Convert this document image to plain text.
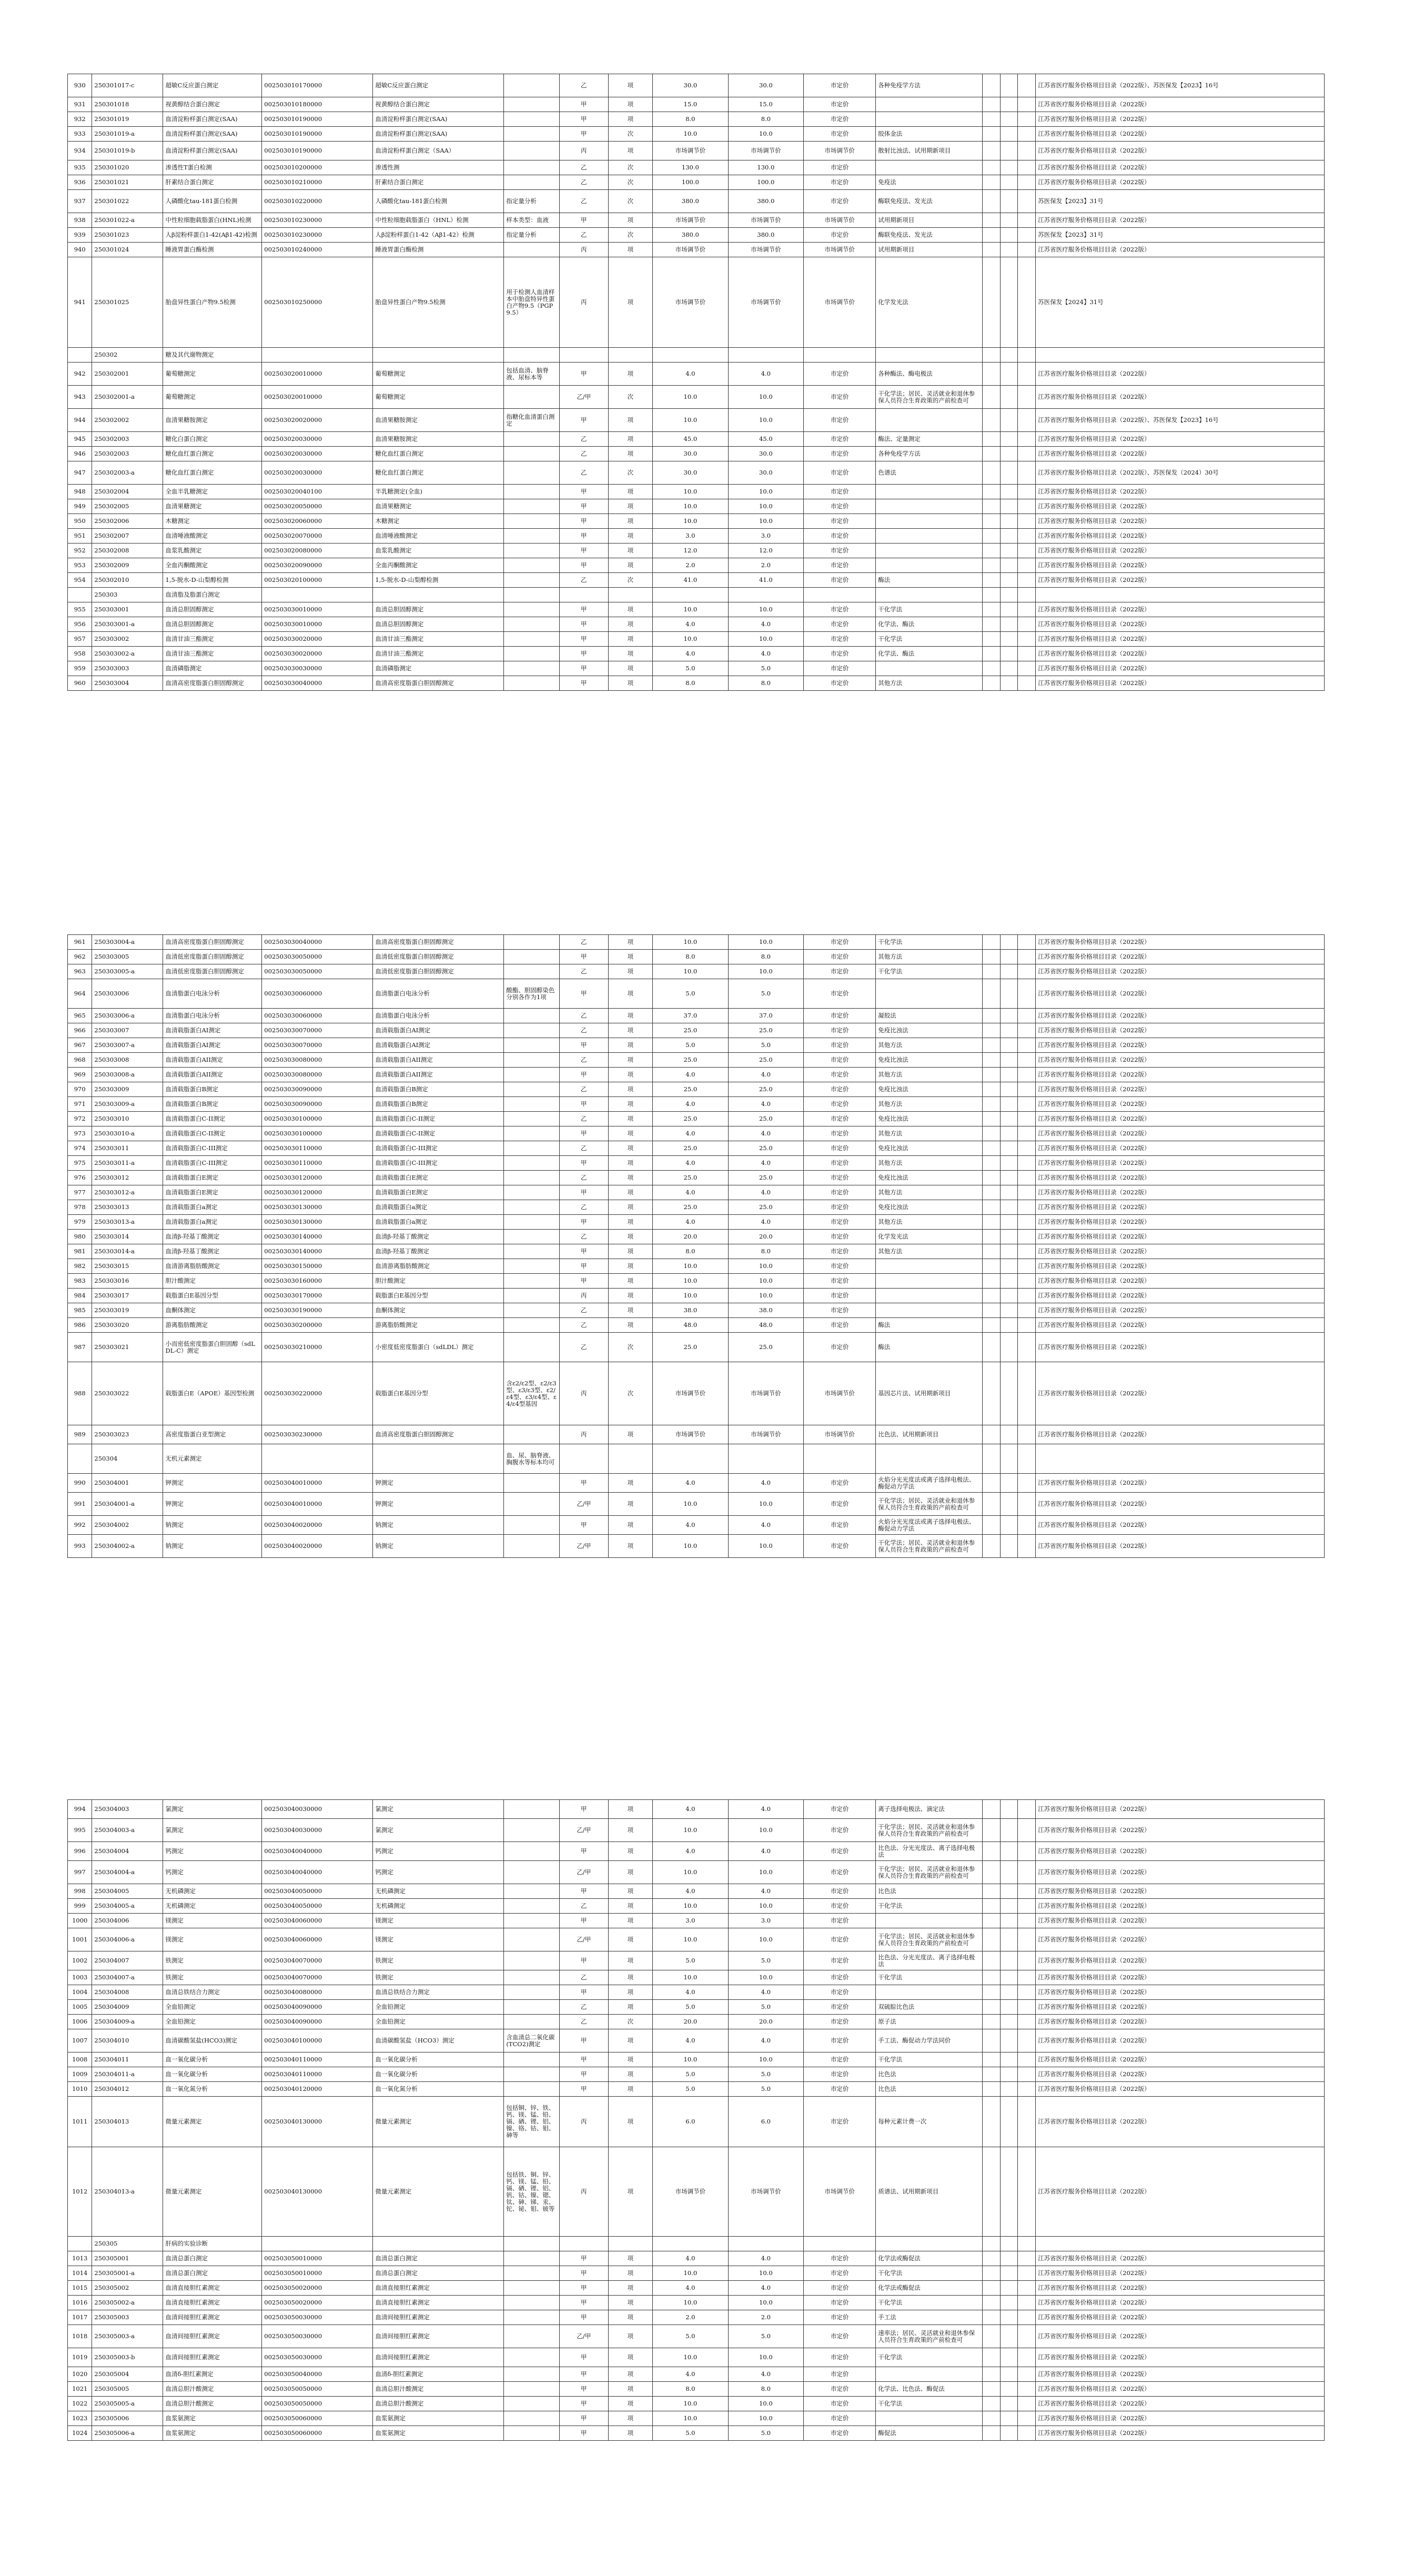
930	250301017-c	超敏C反应蛋白测定	002503010170000	超敏C反应蛋白测定		乙	项	30.0	30.0	市定价	各种免疫学方法				江苏省医疗服务价格项目目录（2022版）、苏医保发【2023】16号
931	250301018	视黄醇结合蛋白测定	002503010180000	视黄醇结合蛋白测定		甲	项	15.0	15.0	市定价					江苏省医疗服务价格项目目录（2022版）
932	250301019	血清淀粉样蛋白测定(SAA)	002503010190000	血清淀粉样蛋白测定(SAA)		甲	项	8.0	8.0	市定价					江苏省医疗服务价格项目目录（2022版）
933	250301019-a	血清淀粉样蛋白测定(SAA)	002503010190000	血清淀粉样蛋白测定(SAA)		甲	次	10.0	10.0	市定价	胶体金法				江苏省医疗服务价格项目目录（2022版）
934	250301019-b	血清淀粉样蛋白测定(SAA)	002503010190000	血清淀粉样蛋白测定（SAA）		丙	项	市场调节价	市场调节价	市场调节价	散射比浊法、试用期新项目				江苏省医疗服务价格项目目录（2022版）
935	250301020	渗透性T蛋白检测	002503010200000	渗透性测		乙	次	130.0	130.0	市定价					江苏省医疗服务价格项目目录（2022版）
936	250301021	肝素结合蛋白测定	002503010210000	肝素结合蛋白测定		乙	次	100.0	100.0	市定价	免疫法				江苏省医疗服务价格项目目录（2022版）
937	250301022	人磷酸化tau-181蛋白检测	002503010220000	人磷酸化tau-181蛋白检测	指定量分析	乙	次	380.0	380.0	市定价	酶联免疫法、发光法				苏医保发【2023】31号
938	250301022-a	中性粒细胞载脂蛋白(HNL)检测	002503010230000	中性粒细胞载脂蛋白（HNL）检测	样本类型：血液	甲	项	市场调节价	市场调节价	市场调节价	试用期新项目				江苏省医疗服务价格项目目录（2022版）
939	250301023	人β淀粉样蛋白1-42(Aβ1-42)检测	002503010230000	人β淀粉样蛋白1-42（Aβ1-42）检测	指定量分析	乙	次	380.0	380.0	市定价	酶联免疫法、发光法				苏医保发【2023】31号
940	250301024	睡液胃蛋白酶检测	002503010240000	睡液胃蛋白酶检测		丙	项	市场调节价	市场调节价	市场调节价	试用期新项目				江苏省医疗服务价格项目目录（2022版）
941	250301025	胎盘异性蛋白产物9.5检测	002503010250000	胎盘异性蛋白产物9.5检测	用于检测人血清样本中胎盘特异性蛋白产物9.5（PGP9.5）	丙	项	市场调节价	市场调节价	市场调节价	化学发光法				苏医保发【2024】31号
	250302	糖及其代谢物测定													
942	250302001	葡萄糖测定	002503020010000	葡萄糖测定	包括血清、脑脊液、尿标本等	甲	项	4.0	4.0	市定价	各种酶法、酶电极法				江苏省医疗服务价格项目目录（2022版）
943	250302001-a	葡萄糖测定	002503020010000	葡萄糖测定		乙/甲	次	10.0	10.0	市定价	干化学法；居民、灵活就业和退休参保人员符合生育政策的产前检查可				江苏省医疗服务价格项目目录（2022版）
944	250302002	血清果糖胺测定	002503020020000	血清果糖胺测定	指糖化血清蛋白测定	甲	项	10.0	10.0	市定价					江苏省医疗服务价格项目目录（2022版）、苏医保发【2023】16号
945	250302003	糖化白蛋白测定	002503020030000	血清果糖胺测定		乙	项	45.0	45.0	市定价	酶法、定量测定				江苏省医疗服务价格项目目录（2022版）
946	250302003	糖化血红蛋白测定	002503020030000	糖化血红蛋白测定		乙	项	30.0	30.0	市定价	各种免疫学方法				江苏省医疗服务价格项目目录（2022版）
947	250302003-a	糖化血红蛋白测定	002503020030000	糖化血红蛋白测定		乙	次	30.0	30.0	市定价	色谱法				江苏省医疗服务价格项目目录（2022版）、苏医保发（2024）30号
948	250302004	全血半乳糖测定	002503020040100	半乳糖测定(全血)		甲	项	10.0	10.0	市定价					江苏省医疗服务价格项目目录（2022版）
949	250302005	血清果糖测定	002503020050000	血清果糖测定		甲	项	10.0	10.0	市定价					江苏省医疗服务价格项目目录（2022版）
950	250302006	木糖测定	002503020060000	木糖测定		甲	项	10.0	10.0	市定价					江苏省医疗服务价格项目目录（2022版）
951	250302007	血清唾液酸测定	002503020070000	血清唾液酸测定		甲	项	3.0	3.0	市定价					江苏省医疗服务价格项目目录（2022版）
952	250302008	血浆乳酸测定	002503020080000	血浆乳酸测定		甲	项	12.0	12.0	市定价					江苏省医疗服务价格项目目录（2022版）
953	250302009	全血丙酮酸测定	002503020090000	全血丙酮酸测定		甲	项	2.0	2.0	市定价					江苏省医疗服务价格项目目录（2022版）
954	250302010	1,5-脱水-D-山梨醇检测	002503020100000	1,5-脱水-D-山梨醇检测		乙	次	41.0	41.0	市定价	酶法				江苏省医疗服务价格项目目录（2022版）
	250303	血清脂及脂蛋白测定													
955	250303001	血清总胆固醇测定	002503030010000	血清总胆固醇测定		甲	项	10.0	10.0	市定价	干化学法				江苏省医疗服务价格项目目录（2022版）
956	250303001-a	血清总胆固醇测定	002503030010000	血清总胆固醇测定		甲	项	4.0	4.0	市定价	化学法、酶法				江苏省医疗服务价格项目目录（2022版）
957	250303002	血清甘油三酯测定	002503030020000	血清甘油三酯测定		甲	项	10.0	10.0	市定价	干化学法				江苏省医疗服务价格项目目录（2022版）
958	250303002-a	血清甘油三酯测定	002503030020000	血清甘油三酯测定		甲	项	4.0	4.0	市定价	化学法、酶法				江苏省医疗服务价格项目目录（2022版）
959	250303003	血清磷脂测定	002503030030000	血清磷脂测定		甲	项	5.0	5.0	市定价					江苏省医疗服务价格项目目录（2022版）
960	250303004	血清高密度脂蛋白胆固醇测定	002503030040000	血清高密度脂蛋白胆固醇测定		甲	项	8.0	8.0	市定价	其他方法				江苏省医疗服务价格项目目录（2022版）
961	250303004-a	血清高密度脂蛋白胆固醇测定	002503030040000	血清高密度脂蛋白胆固醇测定		乙	项	10.0	10.0	市定价	干化学法				江苏省医疗服务价格项目目录（2022版）
962	250303005	血清低密度脂蛋白胆固醇测定	002503030050000	血清低密度脂蛋白胆固醇测定		甲	项	8.0	8.0	市定价	其他方法				江苏省医疗服务价格项目目录（2022版）
963	250303005-a	血清低密度脂蛋白胆固醇测定	002503030050000	血清低密度脂蛋白胆固醇测定		乙	项	10.0	10.0	市定价	干化学法				江苏省医疗服务价格项目目录（2022版）
964	250303006	血清脂蛋白电泳分析	002503030060000	血清脂蛋白电泳分析	酸酯、胆固醇染色分别各作为1项	甲	项	5.0	5.0	市定价					江苏省医疗服务价格项目目录（2022版）
965	250303006-a	血清脂蛋白电泳分析	002503030060000	血清脂蛋白电泳分析		乙	项	37.0	37.0	市定价	凝胶法				江苏省医疗服务价格项目目录（2022版）
966	250303007	血清载脂蛋白AI测定	002503030070000	血清载脂蛋白AI测定		乙	项	25.0	25.0	市定价	免疫比浊法				江苏省医疗服务价格项目目录（2022版）
967	250303007-a	血清载脂蛋白AI测定	002503030070000	血清载脂蛋白AI测定		甲	项	5.0	5.0	市定价	其他方法				江苏省医疗服务价格项目目录（2022版）
968	250303008	血清载脂蛋白AII测定	002503030080000	血清载脂蛋白AII测定		乙	项	25.0	25.0	市定价	免疫比浊法				江苏省医疗服务价格项目目录（2022版）
969	250303008-a	血清载脂蛋白AII测定	002503030080000	血清载脂蛋白AII测定		甲	项	4.0	4.0	市定价	其他方法				江苏省医疗服务价格项目目录（2022版）
970	250303009	血清载脂蛋白B测定	002503030090000	血清载脂蛋白B测定		乙	项	25.0	25.0	市定价	免疫比浊法				江苏省医疗服务价格项目目录（2022版）
971	250303009-a	血清载脂蛋白B测定	002503030090000	血清载脂蛋白B测定		甲	项	4.0	4.0	市定价	其他方法				江苏省医疗服务价格项目目录（2022版）
972	250303010	血清载脂蛋白C-II测定	002503030100000	血清载脂蛋白C-II测定		乙	项	25.0	25.0	市定价	免疫比浊法				江苏省医疗服务价格项目目录（2022版）
973	250303010-a	血清载脂蛋白C-II测定	002503030100000	血清载脂蛋白C-II测定		甲	项	4.0	4.0	市定价	其他方法				江苏省医疗服务价格项目目录（2022版）
974	250303011	血清载脂蛋白C-III测定	002503030110000	血清载脂蛋白C-III测定		乙	项	25.0	25.0	市定价	免疫比浊法				江苏省医疗服务价格项目目录（2022版）
975	250303011-a	血清载脂蛋白C-III测定	002503030110000	血清载脂蛋白C-III测定		甲	项	4.0	4.0	市定价	其他方法				江苏省医疗服务价格项目目录（2022版）
976	250303012	血清载脂蛋白E测定	002503030120000	血清载脂蛋白E测定		乙	项	25.0	25.0	市定价	免疫比浊法				江苏省医疗服务价格项目目录（2022版）
977	250303012-a	血清载脂蛋白E测定	002503030120000	血清载脂蛋白E测定		甲	项	4.0	4.0	市定价	其他方法				江苏省医疗服务价格项目目录（2022版）
978	250303013	血清载脂蛋白a测定	002503030130000	血清载脂蛋白a测定		乙	项	25.0	25.0	市定价	免疫比浊法				江苏省医疗服务价格项目目录（2022版）
979	250303013-a	血清载脂蛋白a测定	002503030130000	血清载脂蛋白a测定		甲	项	4.0	4.0	市定价	其他方法				江苏省医疗服务价格项目目录（2022版）
980	250303014	血清β-羟基丁酸测定	002503030140000	血清β-羟基丁酸测定		乙	项	20.0	20.0	市定价	化学发光法				江苏省医疗服务价格项目目录（2022版）
981	250303014-a	血清β-羟基丁酸测定	002503030140000	血清β-羟基丁酸测定		甲	项	8.0	8.0	市定价	其他方法				江苏省医疗服务价格项目目录（2022版）
982	250303015	血清游离脂肪酸测定	002503030150000	血清游离脂肪酸测定		甲	项	10.0	10.0	市定价					江苏省医疗服务价格项目目录（2022版）
983	250303016	胆汁酸测定	002503030160000	胆汁酸测定		甲	项	10.0	10.0	市定价					江苏省医疗服务价格项目目录（2022版）
984	250303017	载脂蛋白E基因分型	002503030170000	载脂蛋白E基因分型		丙	项	10.0	10.0	市定价					江苏省医疗服务价格项目目录（2022版）
985	250303019	血酮体测定	002503030190000	血酮体测定		乙	项	38.0	38.0	市定价					江苏省医疗服务价格项目目录（2022版）
986	250303020	游离脂肪酸测定	002503030200000	游离脂肪酸测定		乙	项	48.0	48.0	市定价	酶法				江苏省医疗服务价格项目目录（2022版）
987	250303021	小而密低密度脂蛋白胆固醇（sdLDL-C）测定	002503030210000	小密度低密度脂蛋白（sdLDL）测定		乙	次	25.0	25.0	市定价	酶法				江苏省医疗服务价格项目目录（2022版）
988	250303022	载脂蛋白E（APOE）基因型检测	002503030220000	载脂蛋白E基因分型	含ε2/ε2型、ε2/ε3型、ε3/ε3型、ε2/ε4型、ε3/ε4型、ε4/ε4型基因	丙	次	市场调节价	市场调节价	市场调节价	基因芯片法、试用期新项目				江苏省医疗服务价格项目目录（2022版）
989	250303023	高密度脂蛋白亚型测定	002503030230000	血清高密度脂蛋白胆固醇测定		丙	项	市场调节价	市场调节价	市场调节价	比色法、试用期新项目				江苏省医疗服务价格项目目录（2022版）
	250304	无机元素测定			血、尿、脑脊液、胸腹水等标本均可										
990	250304001	钾测定	002503040010000	钾测定		甲	项	4.0	4.0	市定价	火焰分光光度法或离子选择电极法、酶促动力学法				江苏省医疗服务价格项目目录（2022版）
991	250304001-a	钾测定	002503040010000	钾测定		乙/甲	项	10.0	10.0	市定价	干化学法；居民、灵活就业和退休参保人员符合生育政策的产前检查可				江苏省医疗服务价格项目目录（2022版）
992	250304002	钠测定	002503040020000	钠测定		甲	项	4.0	4.0	市定价	火焰分光光度法或离子选择电极法、酶促动力学法				江苏省医疗服务价格项目目录（2022版）
993	250304002-a	钠测定	002503040020000	钠测定		乙/甲	项	10.0	10.0	市定价	干化学法；居民、灵活就业和退休参保人员符合生育政策的产前检查可				江苏省医疗服务价格项目目录（2022版）
994	250304003	氯测定	002503040030000	氯测定		甲	项	4.0	4.0	市定价	离子选择电极法、滴定法				江苏省医疗服务价格项目目录（2022版）
995	250304003-a	氯测定	002503040030000	氯测定		乙/甲	项	10.0	10.0	市定价	干化学法；居民、灵活就业和退休参保人员符合生育政策的产前检查可				江苏省医疗服务价格项目目录（2022版）
996	250304004	钙测定	002503040040000	钙测定		甲	项	4.0	4.0	市定价	比色法、分光光度法、离子选择电极法				江苏省医疗服务价格项目目录（2022版）
997	250304004-a	钙测定	002503040040000	钙测定		乙/甲	项	10.0	10.0	市定价	干化学法；居民、灵活就业和退休参保人员符合生育政策的产前检查可				江苏省医疗服务价格项目目录（2022版）
998	250304005	无机磷测定	002503040050000	无机磷测定		甲	项	4.0	4.0	市定价	比色法				江苏省医疗服务价格项目目录（2022版）
999	250304005-a	无机磷测定	002503040050000	无机磷测定		乙	项	10.0	10.0	市定价	干化学法				江苏省医疗服务价格项目目录（2022版）
1000	250304006	镁测定	002503040060000	镁测定		甲	项	3.0	3.0	市定价					江苏省医疗服务价格项目目录（2022版）
1001	250304006-a	镁测定	002503040060000	镁测定		乙/甲	项	10.0	10.0	市定价	干化学法；居民、灵活就业和退休参保人员符合生育政策的产前检查可				江苏省医疗服务价格项目目录（2022版）
1002	250304007	铁测定	002503040070000	铁测定		甲	项	5.0	5.0	市定价	比色法、分光光度法、离子选择电极法				江苏省医疗服务价格项目目录（2022版）
1003	250304007-a	铁测定	002503040070000	铁测定		乙	项	10.0	10.0	市定价	干化学法				江苏省医疗服务价格项目目录（2022版）
1004	250304008	血清总铁结合力测定	002503040080000	血清总铁结合力测定		甲	项	4.0	4.0	市定价					江苏省医疗服务价格项目目录（2022版）
1005	250304009	全血铅测定	002503040090000	全血铅测定		乙	项	5.0	5.0	市定价	双硫腙比色法				江苏省医疗服务价格项目目录（2022版）
1006	250304009-a	全血铅测定	002503040090000	全血铅测定		乙	次	20.0	20.0	市定价	原子法				江苏省医疗服务价格项目目录（2022版）
1007	250304010	血清碳酸氢盐(HCO3)测定	002503040100000	血清碳酸氢盐（HCO3）测定	含血清总二氧化碳(TCO2)测定	甲	项	4.0	4.0	市定价	手工法、酶促动力学法同价				江苏省医疗服务价格项目目录（2022版）
1008	250304011	血一氧化碳分析	002503040110000	血一氧化碳分析		甲	项	10.0	10.0	市定价	干化学法				江苏省医疗服务价格项目目录（2022版）
1009	250304011-a	血一氧化碳分析	002503040110000	血一氧化碳分析		甲	项	5.0	5.0	市定价	比色法				江苏省医疗服务价格项目目录（2022版）
1010	250304012	血一氧化氮分析	002503040120000	血一氧化氮分析		甲	项	5.0	5.0	市定价	比色法				江苏省医疗服务价格项目目录（2022版）
1011	250304013	微量元素测定	002503040130000	微量元素测定	包括铜、锌、铁、钙、镁、锰、铅、镉、硒、锂、铝、镍、铬、钴、钼、砷等	丙	项	6.0	6.0	市定价	每种元素计费一次				江苏省医疗服务价格项目目录（2022版）
1012	250304013-a	微量元素测定	002503040130000	微量元素测定	包括铁、铜、锌、钙、镁、锰、铅、镉、硒、锂、铝、钒、钴、镍、锶、钛、砷、锑、汞、铊、铋、钼、铍等	丙	项	市场调节价	市场调节价	市场调节价	质谱法、试用期新项目				江苏省医疗服务价格项目目录（2022版）
	250305	肝病的实验诊断													
1013	250305001	血清总蛋白测定	002503050010000	血清总蛋白测定		甲	项	4.0	4.0	市定价	化学法或酶促法				江苏省医疗服务价格项目目录（2022版）
1014	250305001-a	血清总蛋白测定	002503050010000	血清总蛋白测定		甲	项	10.0	10.0	市定价	干化学法				江苏省医疗服务价格项目目录（2022版）
1015	250305002	血清直接胆红素测定	002503050020000	血清直接胆红素测定		甲	项	4.0	4.0	市定价	化学法或酶促法				江苏省医疗服务价格项目目录（2022版）
1016	250305002-a	血清直接胆红素测定	002503050020000	血清直接胆红素测定		甲	项	10.0	10.0	市定价	干化学法				江苏省医疗服务价格项目目录（2022版）
1017	250305003	血清间接胆红素测定	002503050030000	血清间接胆红素测定		甲	项	2.0	2.0	市定价	手工法				江苏省医疗服务价格项目目录（2022版）
1018	250305003-a	血清间接胆红素测定	002503050030000	血清间接胆红素测定		乙/甲	项	5.0	5.0	市定价	速率法；居民、灵活就业和退休参保人员符合生育政策的产前检查可				江苏省医疗服务价格项目目录（2022版）
1019	250305003-b	血清间接胆红素测定	002503050030000	血清间接胆红素测定		甲	项	10.0	10.0	市定价	干化学法				江苏省医疗服务价格项目目录（2022版）
1020	250305004	血清δ-胆红素测定	002503050040000	血清δ-胆红素测定		甲	项	4.0	4.0	市定价					江苏省医疗服务价格项目目录（2022版）
1021	250305005	血清总胆汁酸测定	002503050050000	血清总胆汁酸测定		甲	项	8.0	8.0	市定价	化学法、比色法、酶促法				江苏省医疗服务价格项目目录（2022版）
1022	250305005-a	血清总胆汁酸测定	002503050050000	血清总胆汁酸测定		甲	项	10.0	10.0	市定价	干化学法				江苏省医疗服务价格项目目录（2022版）
1023	250305006	血浆氨测定	002503050060000	血浆氨测定		甲	项	10.0	10.0	市定价					江苏省医疗服务价格项目目录（2022版）
1024	250305006-a	血浆氨测定	002503050060000	血浆氨测定		甲	项	5.0	5.0	市定价	酶促法				江苏省医疗服务价格项目目录（2022版）
